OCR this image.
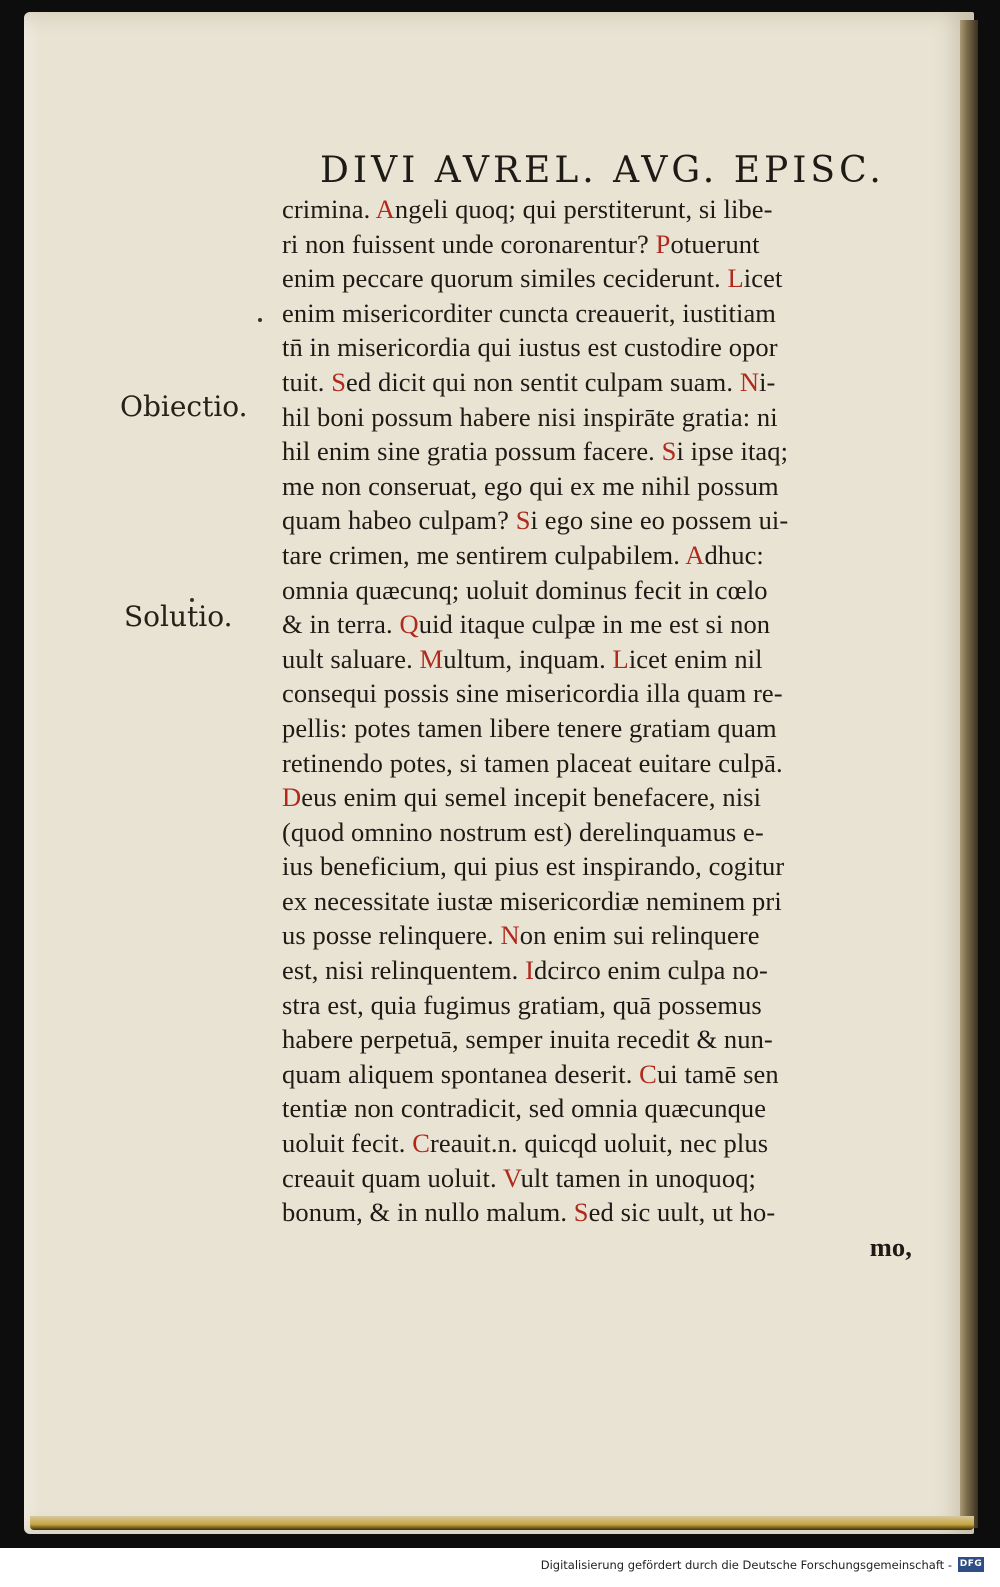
DIVI AVREL. AVG. EPISC.
Obiectio.
Solutio.
crimina. Angeli quoq; qui perstiterunt, si libe-
ri non fuissent unde coronarentur? Potuerunt
enim peccare quorum similes ceciderunt. Licet
enim misericorditer cuncta creauerit, iustitiam
tn̄ in misericordia qui iustus est custodire opor
tuit. Sed dicit qui non sentit culpam suam. Ni-
hil boni possum habere nisi inspirāte gratia: ni
hil enim sine gratia possum facere. Si ipse itaq;
me non conseruat, ego qui ex me nihil possum
quam habeo culpam? Si ego sine eo possem ui-
tare crimen, me sentirem culpabilem. Adhuc:
omnia quæcunq; uoluit dominus fecit in cœlo
& in terra. Quid itaque culpæ in me est si non
uult saluare. Multum, inquam. Licet enim nil
consequi possis sine misericordia illa quam re-
pellis: potes tamen libere tenere gratiam quam
retinendo potes, si tamen placeat euitare culpā.
Deus enim qui semel incepit benefacere, nisi
(quod omnino nostrum est) derelinquamus e-
ius beneficium, qui pius est inspirando, cogitur
ex necessitate iustæ misericordiæ neminem pri
us posse relinquere. Non enim sui relinquere
est, nisi relinquentem. Idcirco enim culpa no-
stra est, quia fugimus gratiam, quā possemus
habere perpetuā, semper inuita recedit & nun-
quam aliquem spontanea deserit. Cui tamē sen
tentiæ non contradicit, sed omnia quæcunque
uoluit fecit. Creauit.n. quicqd uoluit, nec plus
creauit quam uoluit. Vult tamen in unoquoq;
bonum, & in nullo malum. Sed sic uult, ut ho-
mo,
Digitalisierung gefördert durch die Deutsche Forschungsgemeinschaft - DFG
